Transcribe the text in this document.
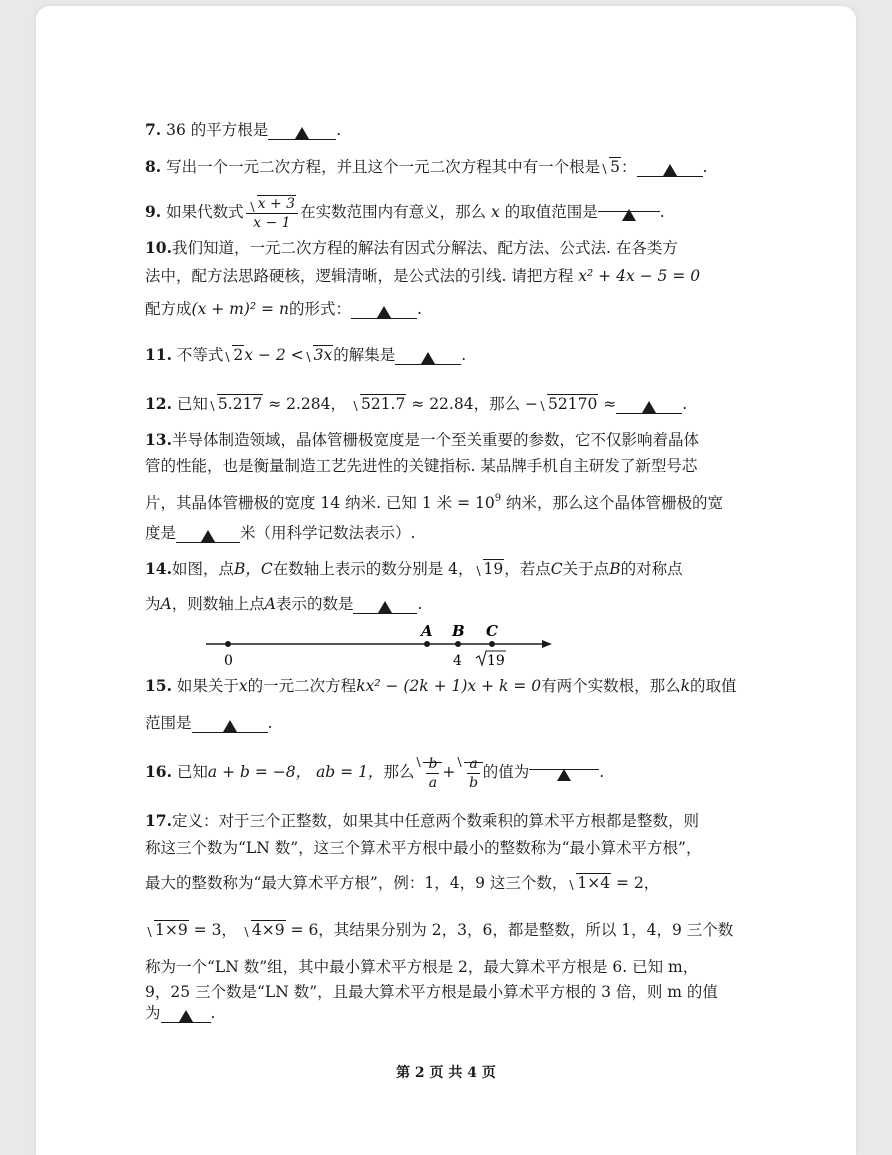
7. 36 的平方根是	.
8. 写出一个一元二次方程，并且这个一元二次方程其中有一个根是 5：	.
9. 如果代数式 $\frac{x + 3}{x - 1}$ 在实数范围内有意义，那么 x 的取值范围是	.
10.我们知道，一元二次方程的解法有因式分解法、配方法、公式法. 在各类方
法中，配方法思路硬核，逻辑清晰，是公式法的引线. 请把方程 x² + 4x − 5 = 0
配方成(x + m)² = n的形式：	.
11. 不等式 2x − 2 < 3x的解集是	.
12. 已知 5.217 ≈ 2.284， 521.7 ≈ 22.84，那么 − 52170 ≈	.
13.半导体制造领域，晶体管栅极宽度是一个至关重要的参数，它不仅影响着晶体
管的性能，也是衡量制造工艺先进性的关键指标. 某品牌手机自主研发了新型号芯
片，其晶体管栅极的宽度 14 纳米. 已知 1 米 = $10^9$ 纳米，那么这个晶体管栅极的宽
度是	米（用科学记数法表示）.
14.如图，点B，C在数轴上表示的数分别是 4， 19，若点C关于点B的对称点
为A，则数轴上点A表示的数是	.
A B C
0	4 19
15. 如果关于x的一元二次方程kx² − (2k + 1)x + k = 0有两个实数根，那么k的取值
范围是	.
16. 已知a + b = −8， ab = 1，那么 $\frac{b}{a} + \frac{a}{b}$ 的值为	.
17.定义：对于三个正整数，如果其中任意两个数乘积的算术平方根都是整数，则
称这三个数为“LN 数”，这三个算术平方根中最小的整数称为“最小算术平方根”，
最大的整数称为“最大算术平方根”，例：1，4，9 这三个数， 1×4 = 2，
1×9 = 3， 4×9 = 6，其结果分别为 2，3，6，都是整数，所以 1，4，9 三个数
称为一个“LN 数”组，其中最小算术平方根是 2，最大算术平方根是 6. 已知 m，
9，25 三个数是“LN 数”，且最大算术平方根是最小算术平方根的 3 倍，则 m 的值
为	.
第 2 页 共 4 页
